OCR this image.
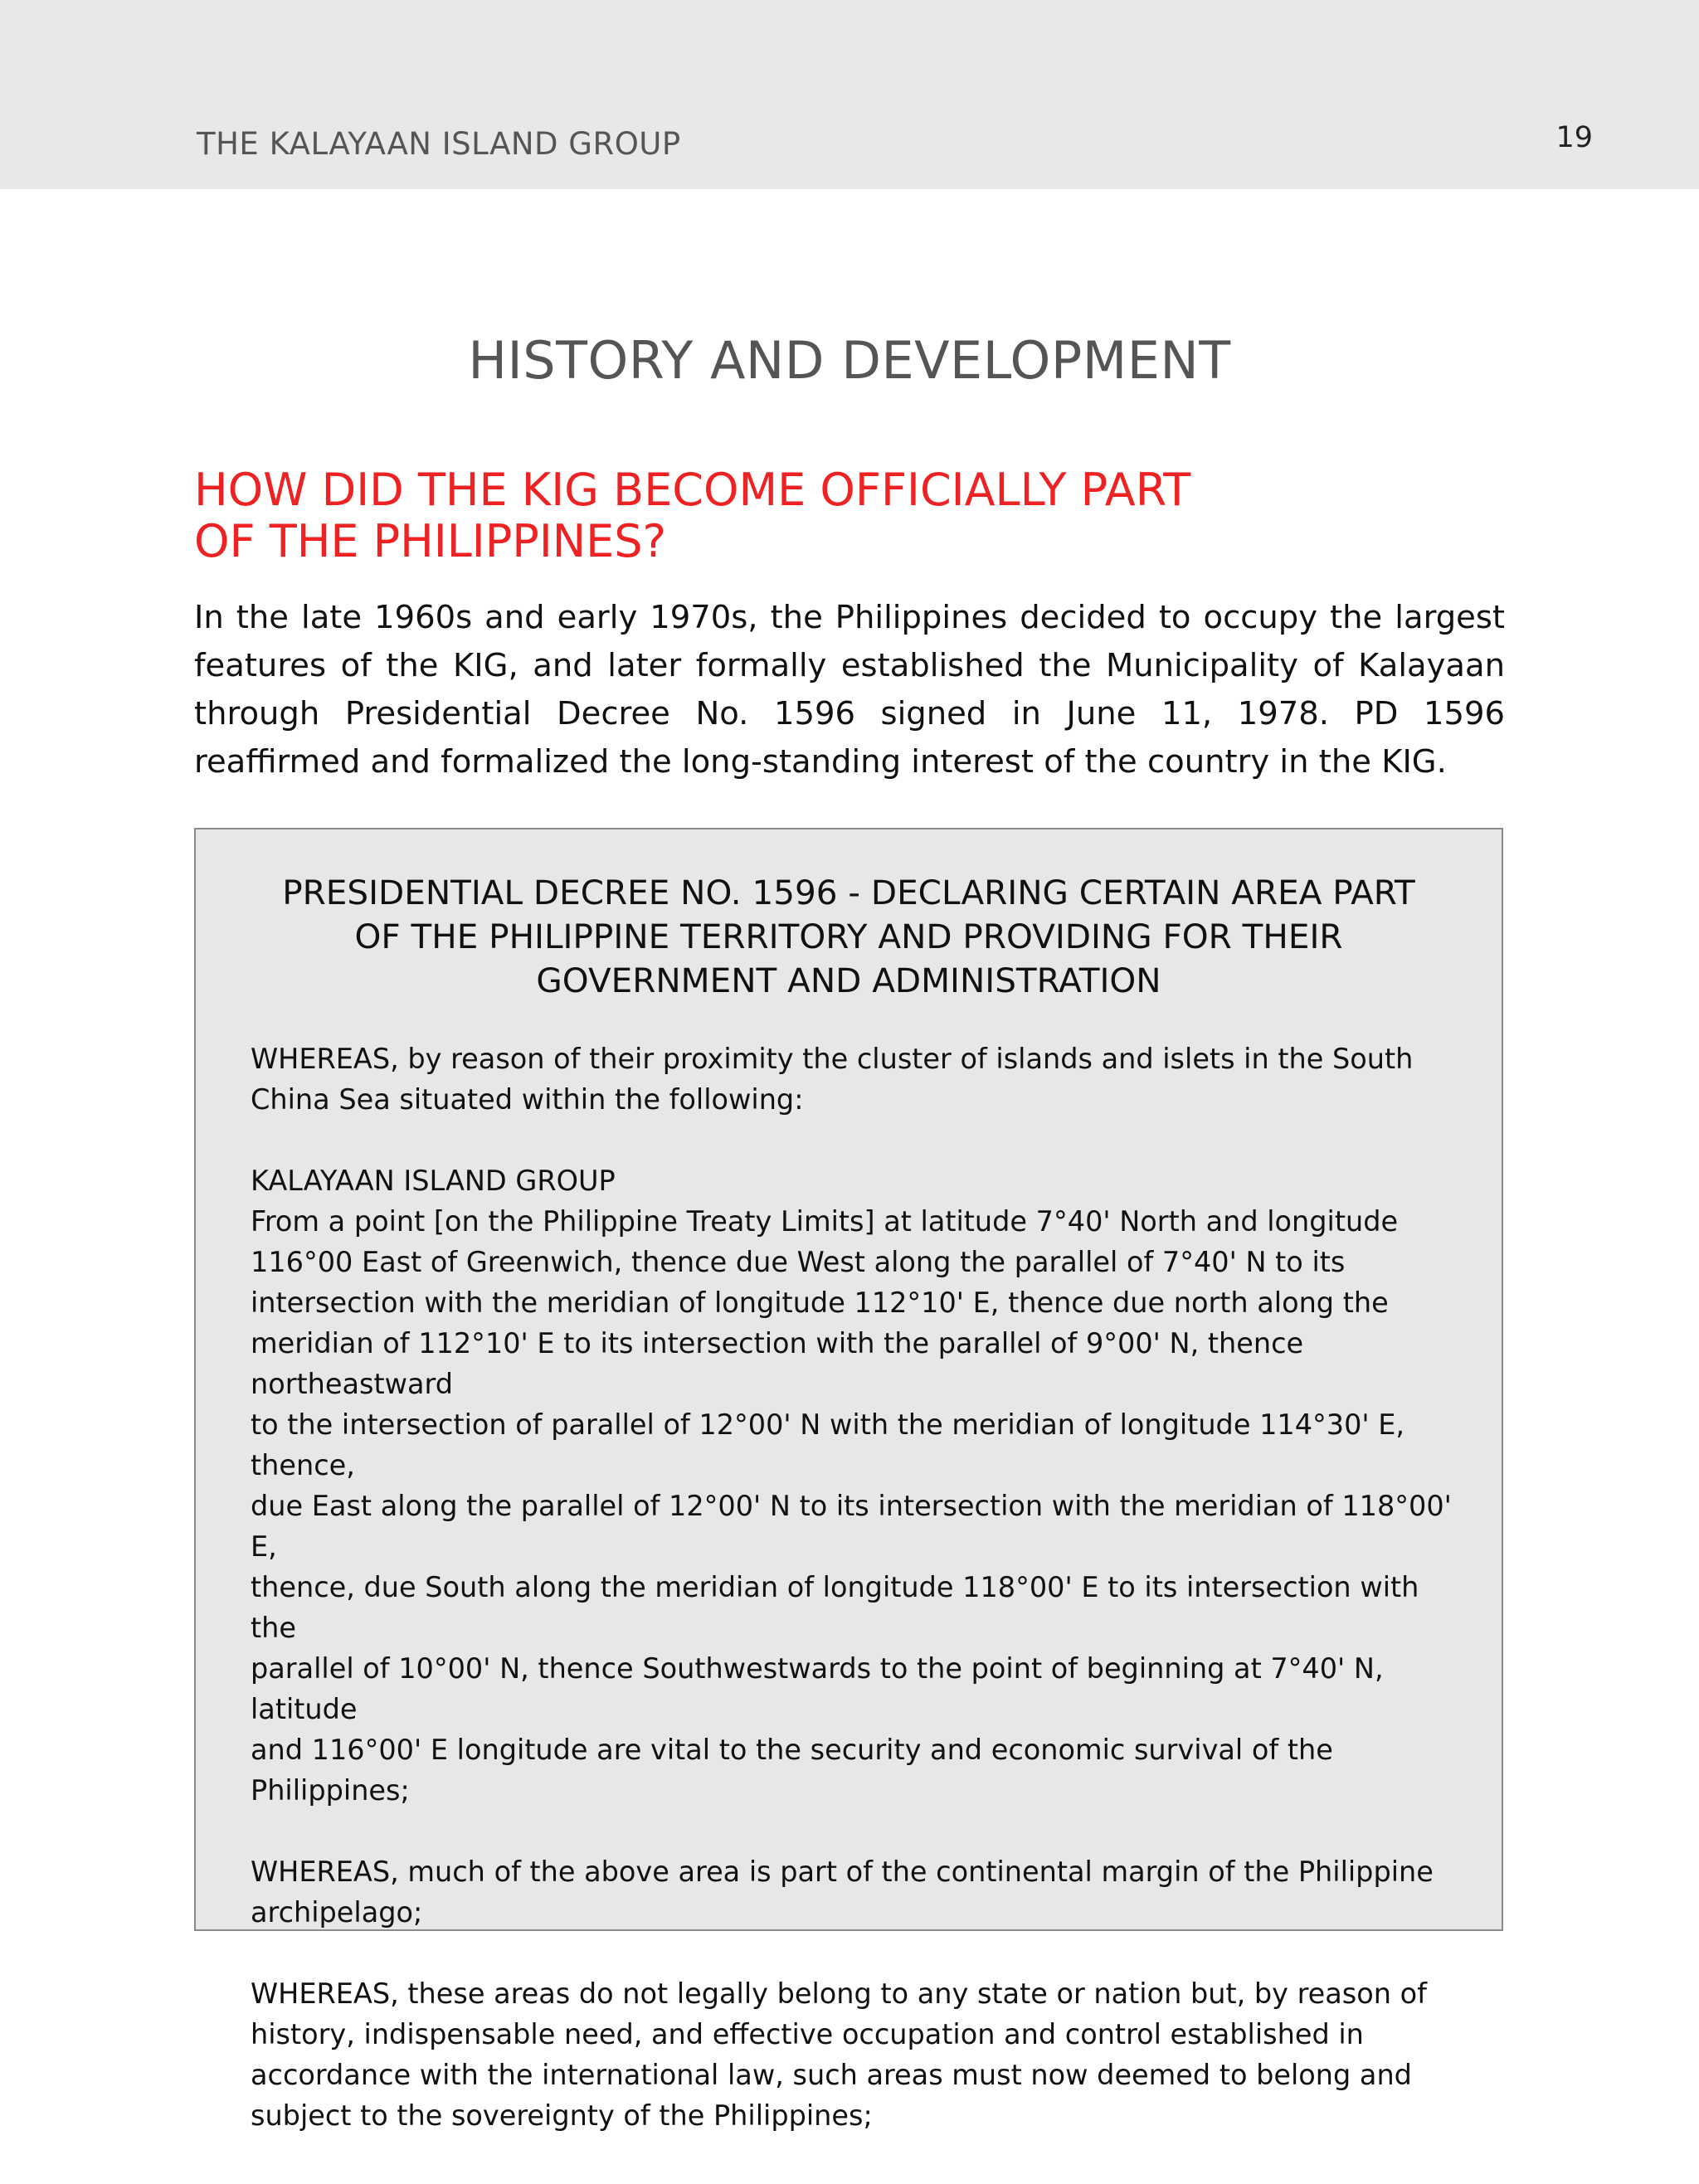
THE KALAYAAN ISLAND GROUP	19
HISTORY AND DEVELOPMENT
HOW DID THE KIG BECOME OFFICIALLY PART
OF THE PHILIPPINES?
In the late 1960s and early 1970s, the Philippines decided to occupy the largest features of the KIG, and later formally established the Municipality of Kalayaan through Presidential Decree No. 1596 signed in June 11, 1978. PD 1596 reaffirmed and formalized the long-standing interest of the country in the KIG.
PRESIDENTIAL DECREE NO. 1596 - DECLARING CERTAIN AREA PART
OF THE PHILIPPINE TERRITORY AND PROVIDING FOR THEIR
GOVERNMENT AND ADMINISTRATION

WHEREAS, by reason of their proximity the cluster of islands and islets in the South
China Sea situated within the following:

KALAYAAN ISLAND GROUP

From a point [on the Philippine Treaty Limits] at latitude 7°40' North and longitude
116°00 East of Greenwich, thence due West along the parallel of 7°40' N to its
intersection with the meridian of longitude 112°10' E, thence due north along the
meridian of 112°10' E to its intersection with the parallel of 9°00' N, thence northeastward
to the intersection of parallel of 12°00' N with the meridian of longitude 114°30' E, thence,
due East along the parallel of 12°00' N to its intersection with the meridian of 118°00' E,
thence, due South along the meridian of longitude 118°00' E to its intersection with the
parallel of 10°00' N, thence Southwestwards to the point of beginning at 7°40' N, latitude
and 116°00' E longitude are vital to the security and economic survival of the Philippines;

WHEREAS, much of the above area is part of the continental margin of the Philippine
archipelago;

WHEREAS, these areas do not legally belong to any state or nation but, by reason of
history, indispensable need, and effective occupation and control established in
accordance with the international law, such areas must now deemed to belong and
subject to the sovereignty of the Philippines;
